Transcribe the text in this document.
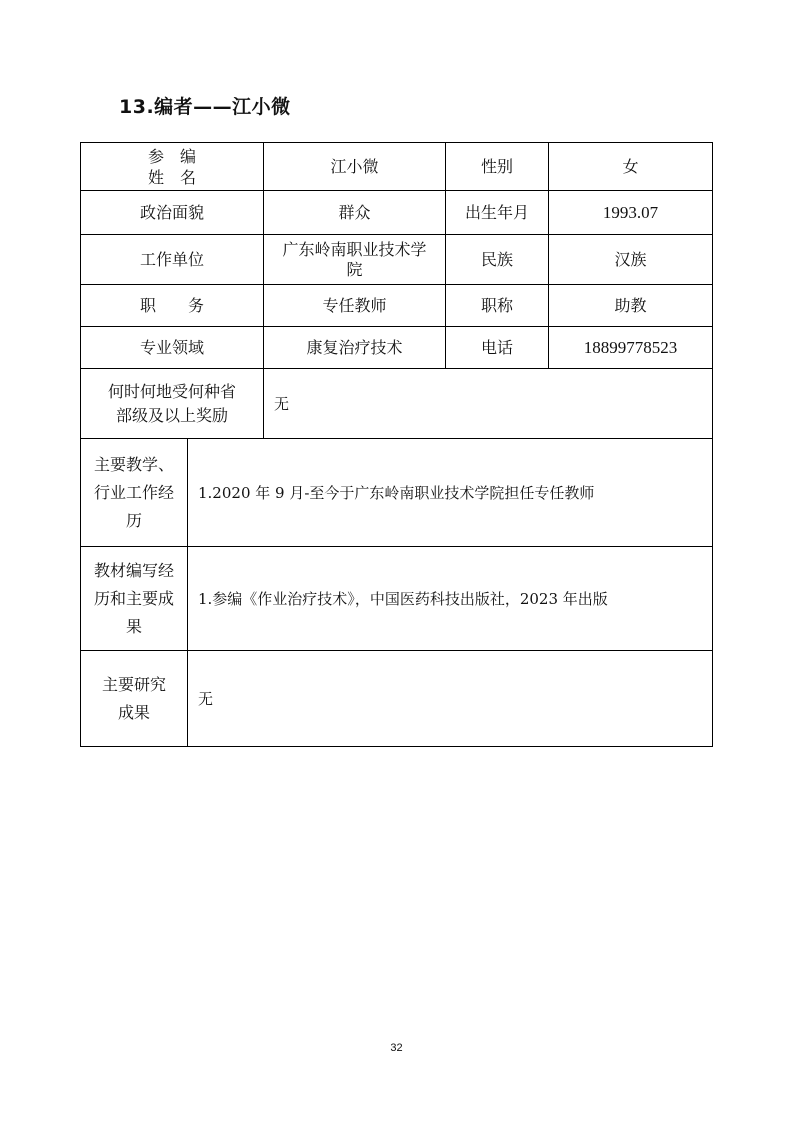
13.编者——江小微
参　编
姓　名		江小微	性别	女
政治面貌		群众	出生年月	1993.07
工作单位		广东岭南职业技术学院	民族	汉族
职　　务		专任教师	职称	助教
专业领域		康复治疗技术	电话	18899778523
何时何地受何种省部级及以上奖励		无		
主要教学、行业工作经历	1.2020 年 9 月-至今于广东岭南职业技术学院担任专任教师			
教材编写经历和主要成果	1.参编《作业治疗技术》，中国医药科技出版社，2023 年出版			
主要研究成果	无			
32
